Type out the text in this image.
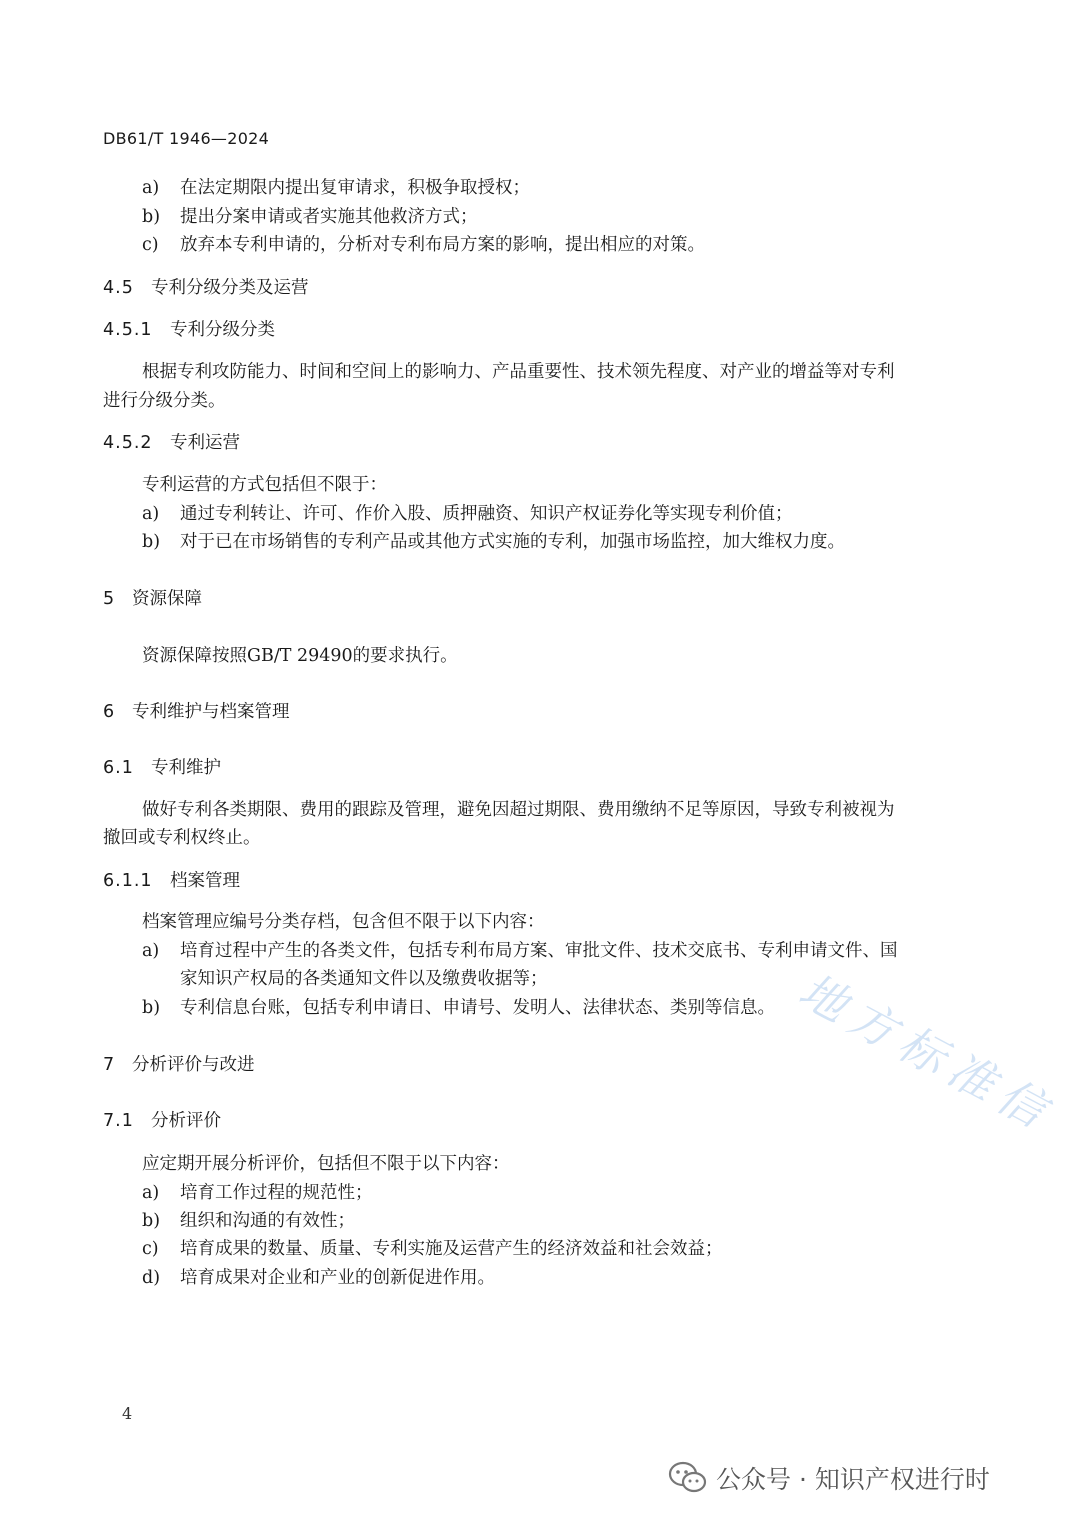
DB61/T 1946—2024
a) 在法定期限内提出复审请求，积极争取授权；
b) 提出分案申请或者实施其他救济方式；
c) 放弃本专利申请的，分析对专利布局方案的影响，提出相应的对策。
4.5 专利分级分类及运营
4.5.1 专利分级分类
根据专利攻防能力、时间和空间上的影响力、产品重要性、技术领先程度、对产业的增益等对专利
进行分级分类。
4.5.2 专利运营
专利运营的方式包括但不限于：
a) 通过专利转让、许可、作价入股、质押融资、知识产权证券化等实现专利价值；
b) 对于已在市场销售的专利产品或其他方式实施的专利，加强市场监控，加大维权力度。
5 资源保障
资源保障按照GB/T 29490的要求执行。
6 专利维护与档案管理
6.1 专利维护
做好专利各类期限、费用的跟踪及管理，避免因超过期限、费用缴纳不足等原因，导致专利被视为
撤回或专利权终止。
6.1.1 档案管理
档案管理应编号分类存档，包含但不限于以下内容：
a) 培育过程中产生的各类文件，包括专利布局方案、审批文件、技术交底书、专利申请文件、国
家知识产权局的各类通知文件以及缴费收据等；
b) 专利信息台账，包括专利申请日、申请号、发明人、法律状态、类别等信息。
7 分析评价与改进
7.1 分析评价
应定期开展分析评价，包括但不限于以下内容：
a) 培育工作过程的规范性；
b) 组织和沟通的有效性；
c) 培育成果的数量、质量、专利实施及运营产生的经济效益和社会效益；
d) 培育成果对企业和产业的创新促进作用。
地方标准信
4
公众号 · 知识产权进行时
